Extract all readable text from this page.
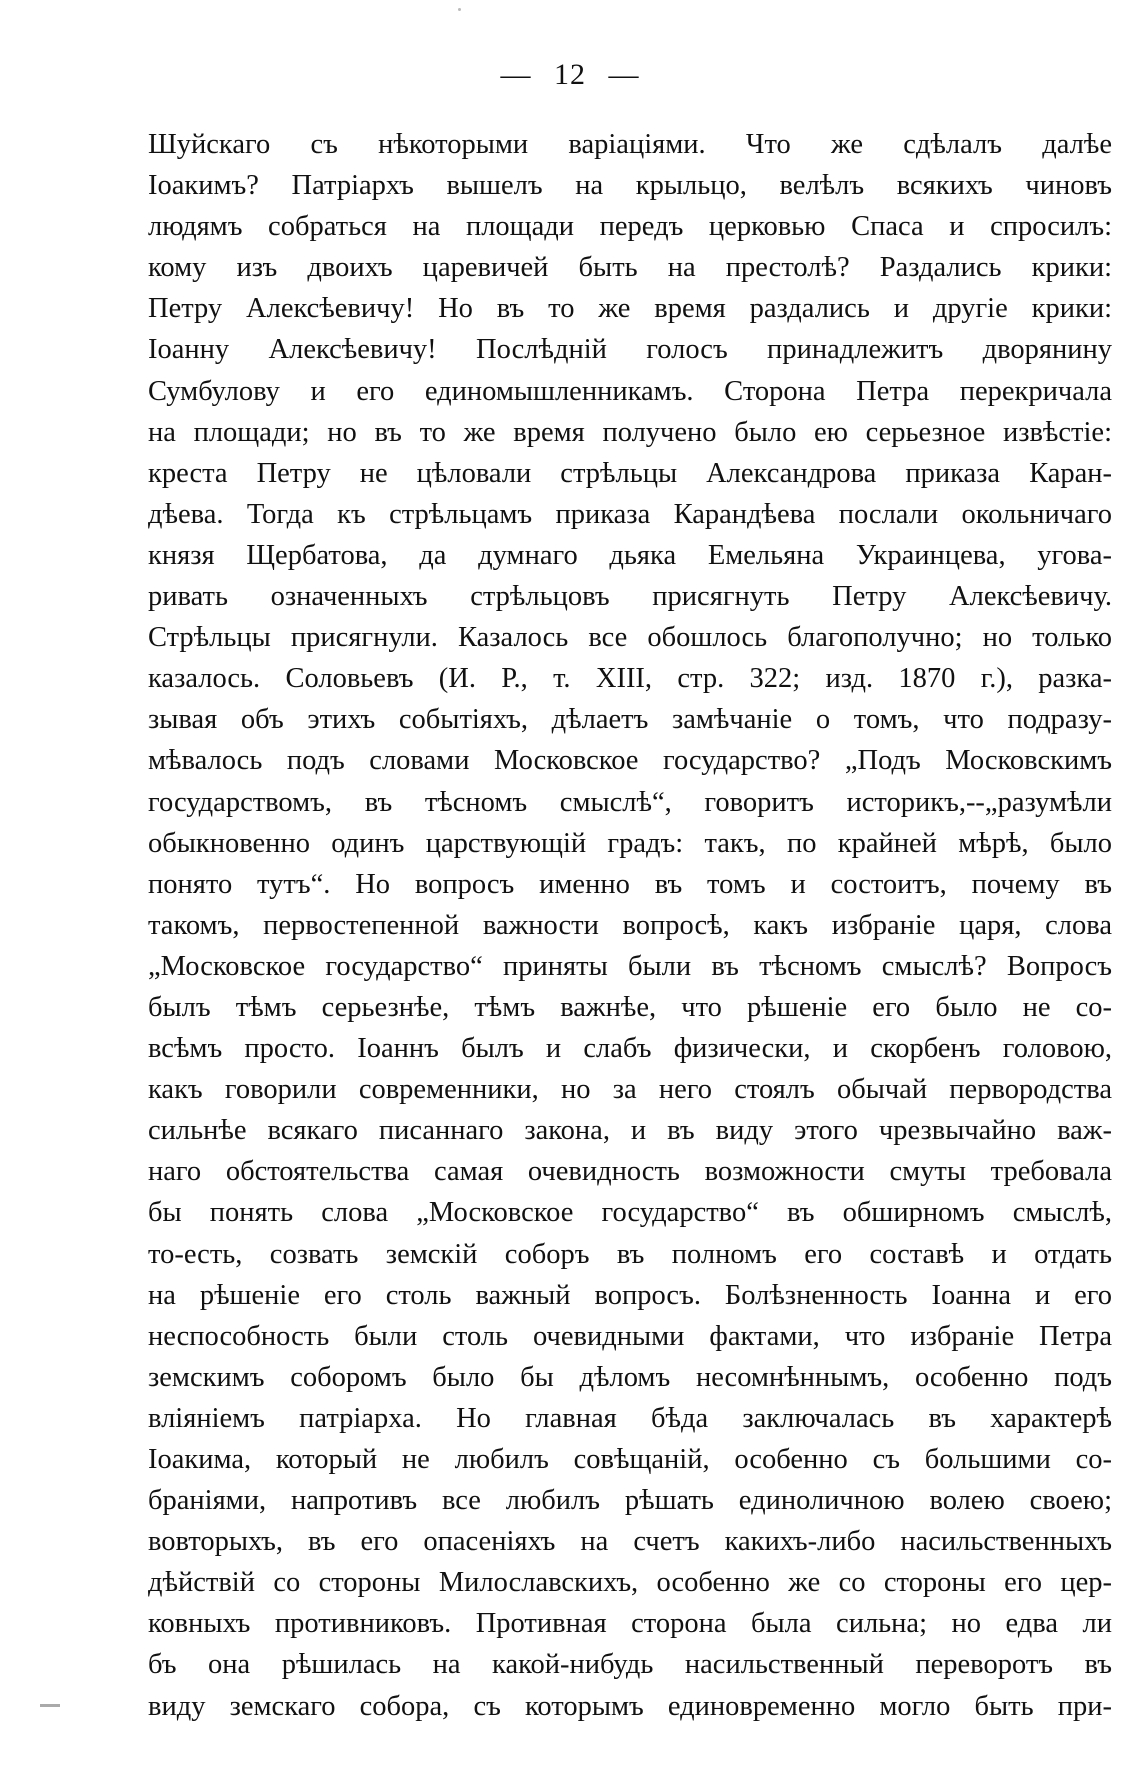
— 12 —
Шуйскаго съ нѣкоторыми варіаціями. Что же сдѣлалъ далѣе
Іоакимъ? Патріархъ вышелъ на крыльцо, велѣлъ всякихъ чиновъ
людямъ собраться на площади передъ церковью Спаса и спросилъ:
кому изъ двоихъ царевичей быть на престолѣ? Раздались крики:
Петру Алексѣевичу! Но въ то же время раздались и другіе крики:
Іоанну Алексѣевичу! Послѣдній голосъ принадлежитъ дворянину
Сумбулову и его единомышленникамъ. Сторона Петра перекричала
на площади; но въ то же время получено было ею серьезное извѣстіе:
креста Петру не цѣловали стрѣльцы Александрова приказа Каран-
дѣева. Тогда къ стрѣльцамъ приказа Карандѣева послали окольничаго
князя Щербатова, да думнаго дьяка Емельяна Украинцева, угова-
ривать означенныхъ стрѣльцовъ присягнуть Петру Алексѣевичу.
Стрѣльцы присягнули. Казалось все обошлось благополучно; но только
казалось. Соловьевъ (И. Р., т. XIII, стр. 322; изд. 1870 г.), разка-
зывая объ этихъ событіяхъ, дѣлаетъ замѣчаніе о томъ, что подразу-
мѣвалось подъ словами Московское государство? „Подъ Московскимъ
государствомъ, въ тѣсномъ смыслѣ“, говоритъ историкъ,--„разумѣли
обыкновенно одинъ царствующій градъ: такъ, по крайней мѣрѣ, было
понято тутъ“. Но вопросъ именно въ томъ и состоитъ, почему въ
такомъ, первостепенной важности вопросѣ, какъ избраніе царя, слова
„Московское государство“ приняты были въ тѣсномъ смыслѣ? Вопросъ
былъ тѣмъ серьезнѣе, тѣмъ важнѣе, что рѣшеніе его было не со-
всѣмъ просто. Іоаннъ былъ и слабъ физически, и скорбенъ головою,
какъ говорили современники, но за него стоялъ обычай первородства
сильнѣе всякаго писаннаго закона, и въ виду этого чрезвычайно важ-
наго обстоятельства самая очевидность возможности смуты требовала
бы понять слова „Московское государство“ въ обширномъ смыслѣ,
то-есть, созвать земскій соборъ въ полномъ его составѣ и отдать
на рѣшеніе его столь важный вопросъ. Болѣзненность Іоанна и его
неспособность были столь очевидными фактами, что избраніе Петра
земскимъ соборомъ было бы дѣломъ несомнѣннымъ, особенно подъ
вліяніемъ патріарха. Но главная бѣда заключалась въ характерѣ
Іоакима, который не любилъ совѣщаній, особенно съ большими со-
браніями, напротивъ все любилъ рѣшать единоличною волею своею;
вовторыхъ, въ его опасеніяхъ на счетъ какихъ-либо насильственныхъ
дѣйствій со стороны Милославскихъ, особенно же со стороны его цер-
ковныхъ противниковъ. Противная сторона была сильна; но едва ли
бъ она рѣшилась на какой-нибудь насильственный переворотъ въ
виду земскаго собора, съ которымъ единовременно могло быть при-
